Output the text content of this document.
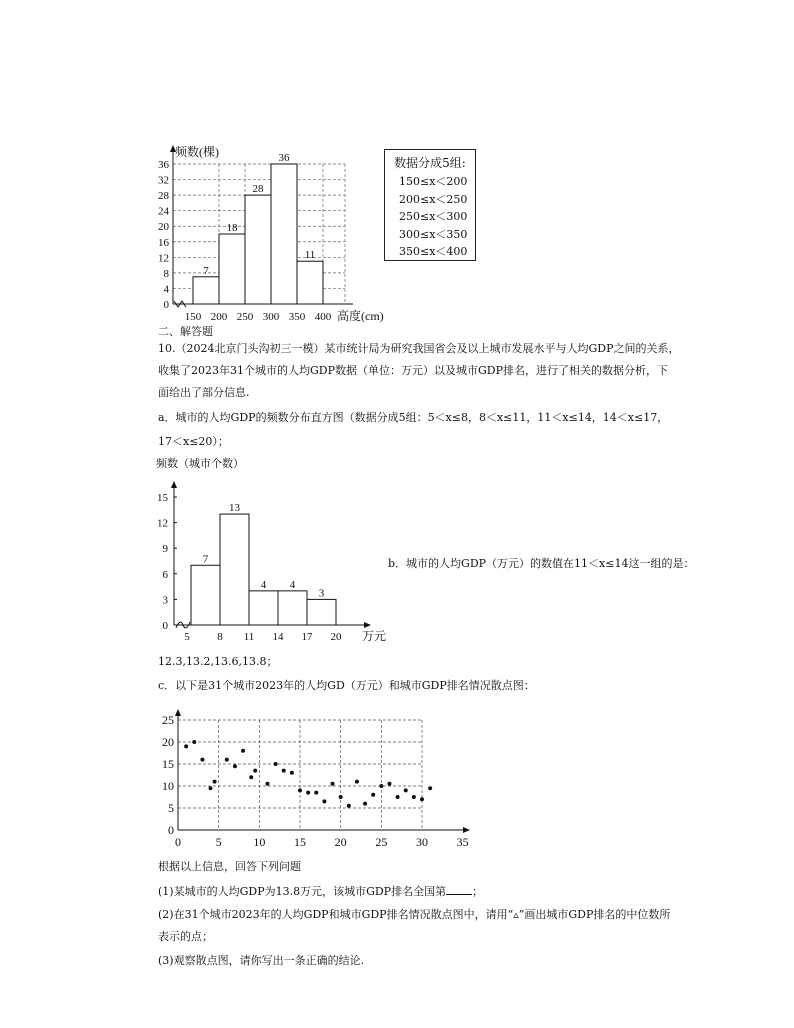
0
4
8
12
16
20
24
28
32
36
150 200 250 300 350 400
7
18
28
36
11
频数(棵)
高度(cm)
数据分成5组:
150≤x＜200
200≤x＜250
250≤x＜300
300≤x＜350
350≤x＜400
二、解答题
10.（2024北京门头沟初三一模）某市统计局为研究我国省会及以上城市发展水平与人均GDP之间的关系，
收集了2023年31个城市的人均GDP数据（单位：万元）以及城市GDP排名，进行了相关的数据分析，下
面给出了部分信息.
a．城市的人均GDP的频数分布直方图（数据分成5组：5＜x≤8，8＜x≤11，11＜x≤14，14＜x≤17，
17＜x≤20）；
频数（城市个数）
0
3
6
9
12
15
5	8 11 14 17 20
7
13
4 4
3
万元
b．城市的人均GDP（万元）的数值在11＜x≤14这一组的是：
12.3,13.2,13.6,13.8；
c．以下是31个城市2023年的人均GD（万元）和城市GDP排名情况散点图：
0
5
10
15
20
25
0	5	10 15 20 25 30 35
根据以上信息，回答下列问题
(1)某城市的人均GDP为13.8万元，该城市GDP排名全国第 ；
(2)在31个城市2023年的人均GDP和城市GDP排名情况散点图中，请用“▵”画出城市GDP排名的中位数所
表示的点；
(3)观察散点图，请你写出一条正确的结论.
